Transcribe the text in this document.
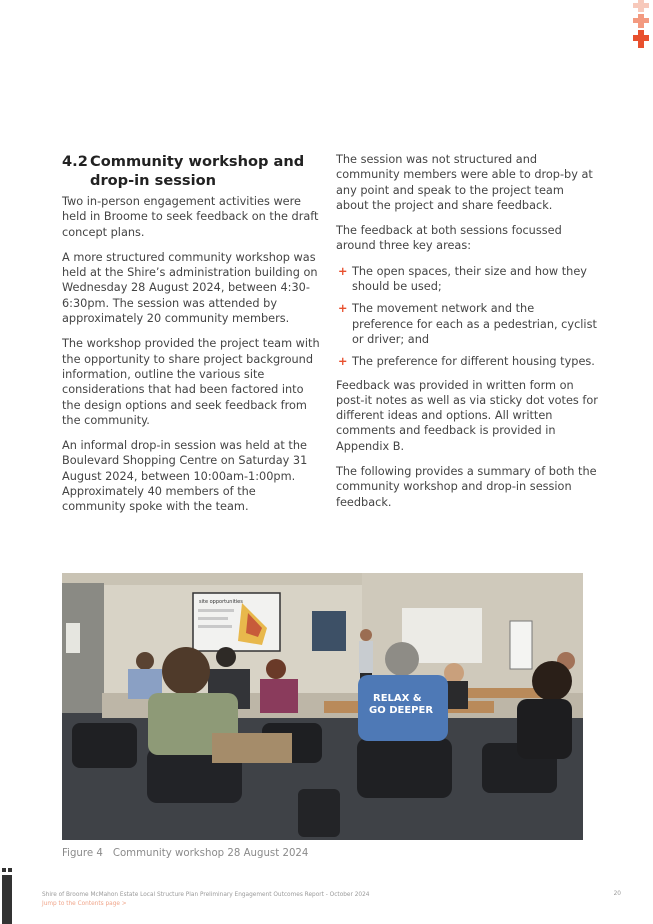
4.2 Community workshop and drop-in session

Two in-person engagement activities were held in Broome to seek feedback on the draft concept plans.

A more structured community workshop was held at the Shire’s administration building on Wednesday 28 August 2024, between 4:30-6:30pm. The session was attended by approximately 20 community members.

The workshop provided the project team with the opportunity to share project background information, outline the various site considerations that had been factored into the design options and seek feedback from the community.

An informal drop-in session was held at the Boulevard Shopping Centre on Saturday 31 August 2024, between 10:00am-1:00pm. Approximately 40 members of the community spoke with the team.

The session was not structured and community members were able to drop-by at any point and speak to the project team about the project and share feedback.

The feedback at both sessions focussed around three key areas:

+ The open spaces, their size and how they should be used;
+ The movement network and the preference for each as a pedestrian, cyclist or driver; and
+ The preference for different housing types.

Feedback was provided in written form on post-it notes as well as via sticky dot votes for different ideas and options. All written comments and feedback is provided in Appendix B.

The following provides a summary of both the community workshop and drop-in session feedback.

site opportunities
RELAX &
GO DEEPER
Figure 4 Community workshop 28 August 2024
Shire of Broome McMahon Estate Local Structure Plan Preliminary Engagement Outcomes Report - October 2024
Jump to the Contents page >
20
